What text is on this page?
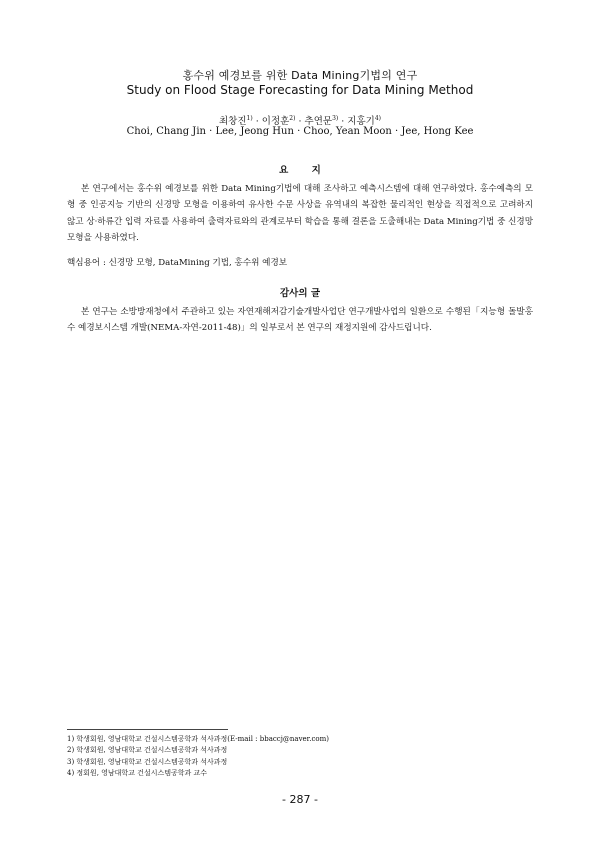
홍수위 예경보를 위한 Data Mining기법의 연구
Study on Flood Stage Forecasting for Data Mining Method
최창진$^{1)}$ · 이정훈$^{2)}$ · 추연문$^{3)}$ · 지홍기$^{4)}$
Choi, Chang Jin · Lee, Jeong Hun · Choo, Yean Moon · Jee, Hong Kee
요 지
본 연구에서는 홍수위 예경보를 위한 Data Mining기법에 대해 조사하고 예측시스템에 대해 연구하였다. 홍수예측의 모형 중 인공지능 기반의 신경망 모형을 이용하여 유사한 수문 사상을 유역내의 복잡한 물리적인 현상을 직접적으로 고려하지 않고 상·하류간 입력 자료를 사용하여 출력자료와의 관계로부터 학습을 통해 결론을 도출해내는 Data Mining기법 중 신경망 모형을 사용하였다.
핵심용어 : 신경망 모형, DataMining 기법, 홍수위 예경보
감사의 글
본 연구는 소방방재청에서 주관하고 있는 자연재해저감기술개발사업단 연구개발사업의 일환으로 수행된「지능형 돌발홍수 예경보시스템 개발(NEMA-자연-2011-48)」의 일부로서 본 연구의 재정지원에 감사드립니다.
1) 학생회원, 영남대학교 건설시스템공학과 석사과정(E-mail : bbaccj@naver.com)
2) 학생회원, 영남대학교 건설시스템공학과 석사과정
3) 학생회원, 영남대학교 건설시스템공학과 석사과정
4) 정회원, 영남대학교 건설시스템공학과 교수
- 287 -
